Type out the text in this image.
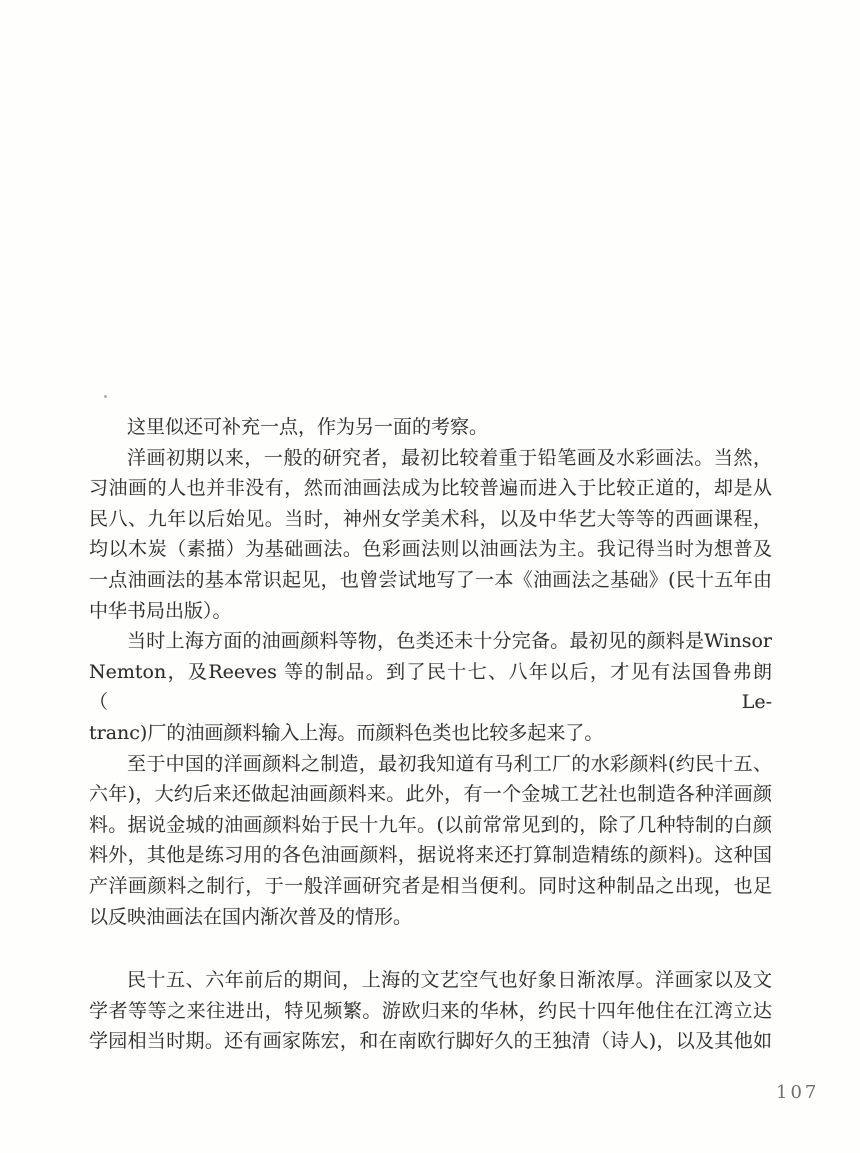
这里似还可补充一点，作为另一面的考察。

洋画初期以来，一般的研究者，最初比较着重于铅笔画及水彩画法。当然，

习油画的人也并非没有，然而油画法成为比较普遍而进入于比较正道的，却是从

民八、九年以后始见。当时，神州女学美术科，以及中华艺大等等的西画课程，

均以木炭（素描）为基础画法。色彩画法则以油画法为主。我记得当时为想普及

一点油画法的基本常识起见，也曾尝试地写了一本《油画法之基础》(民十五年由

中华书局出版）。

当时上海方面的油画颜料等物，色类还未十分完备。最初见的颜料是Winsor

Nemton，及Reeves 等的制品。到了民十七、八年以后，才见有法国鲁弗朗（Le-

tranc)厂的油画颜料输入上海。而颜料色类也比较多起来了。

至于中国的洋画颜料之制造，最初我知道有马利工厂的水彩颜料(约民十五、

六年)，大约后来还做起油画颜料来。此外，有一个金城工艺社也制造各种洋画颜

料。据说金城的油画颜料始于民十九年。(以前常常见到的，除了几种特制的白颜

料外，其他是练习用的各色油画颜料，据说将来还打算制造精练的颜料)。这种国

产洋画颜料之制行，于一般洋画研究者是相当便利。同时这种制品之出现，也足

以反映油画法在国内渐次普及的情形。

民十五、六年前后的期间，上海的文艺空气也好象日渐浓厚。洋画家以及文

学者等等之来往进出，特见频繁。游欧归来的华林，约民十四年他住在江湾立达

学园相当时期。还有画家陈宏，和在南欧行脚好久的王独清（诗人)，以及其他如

107
